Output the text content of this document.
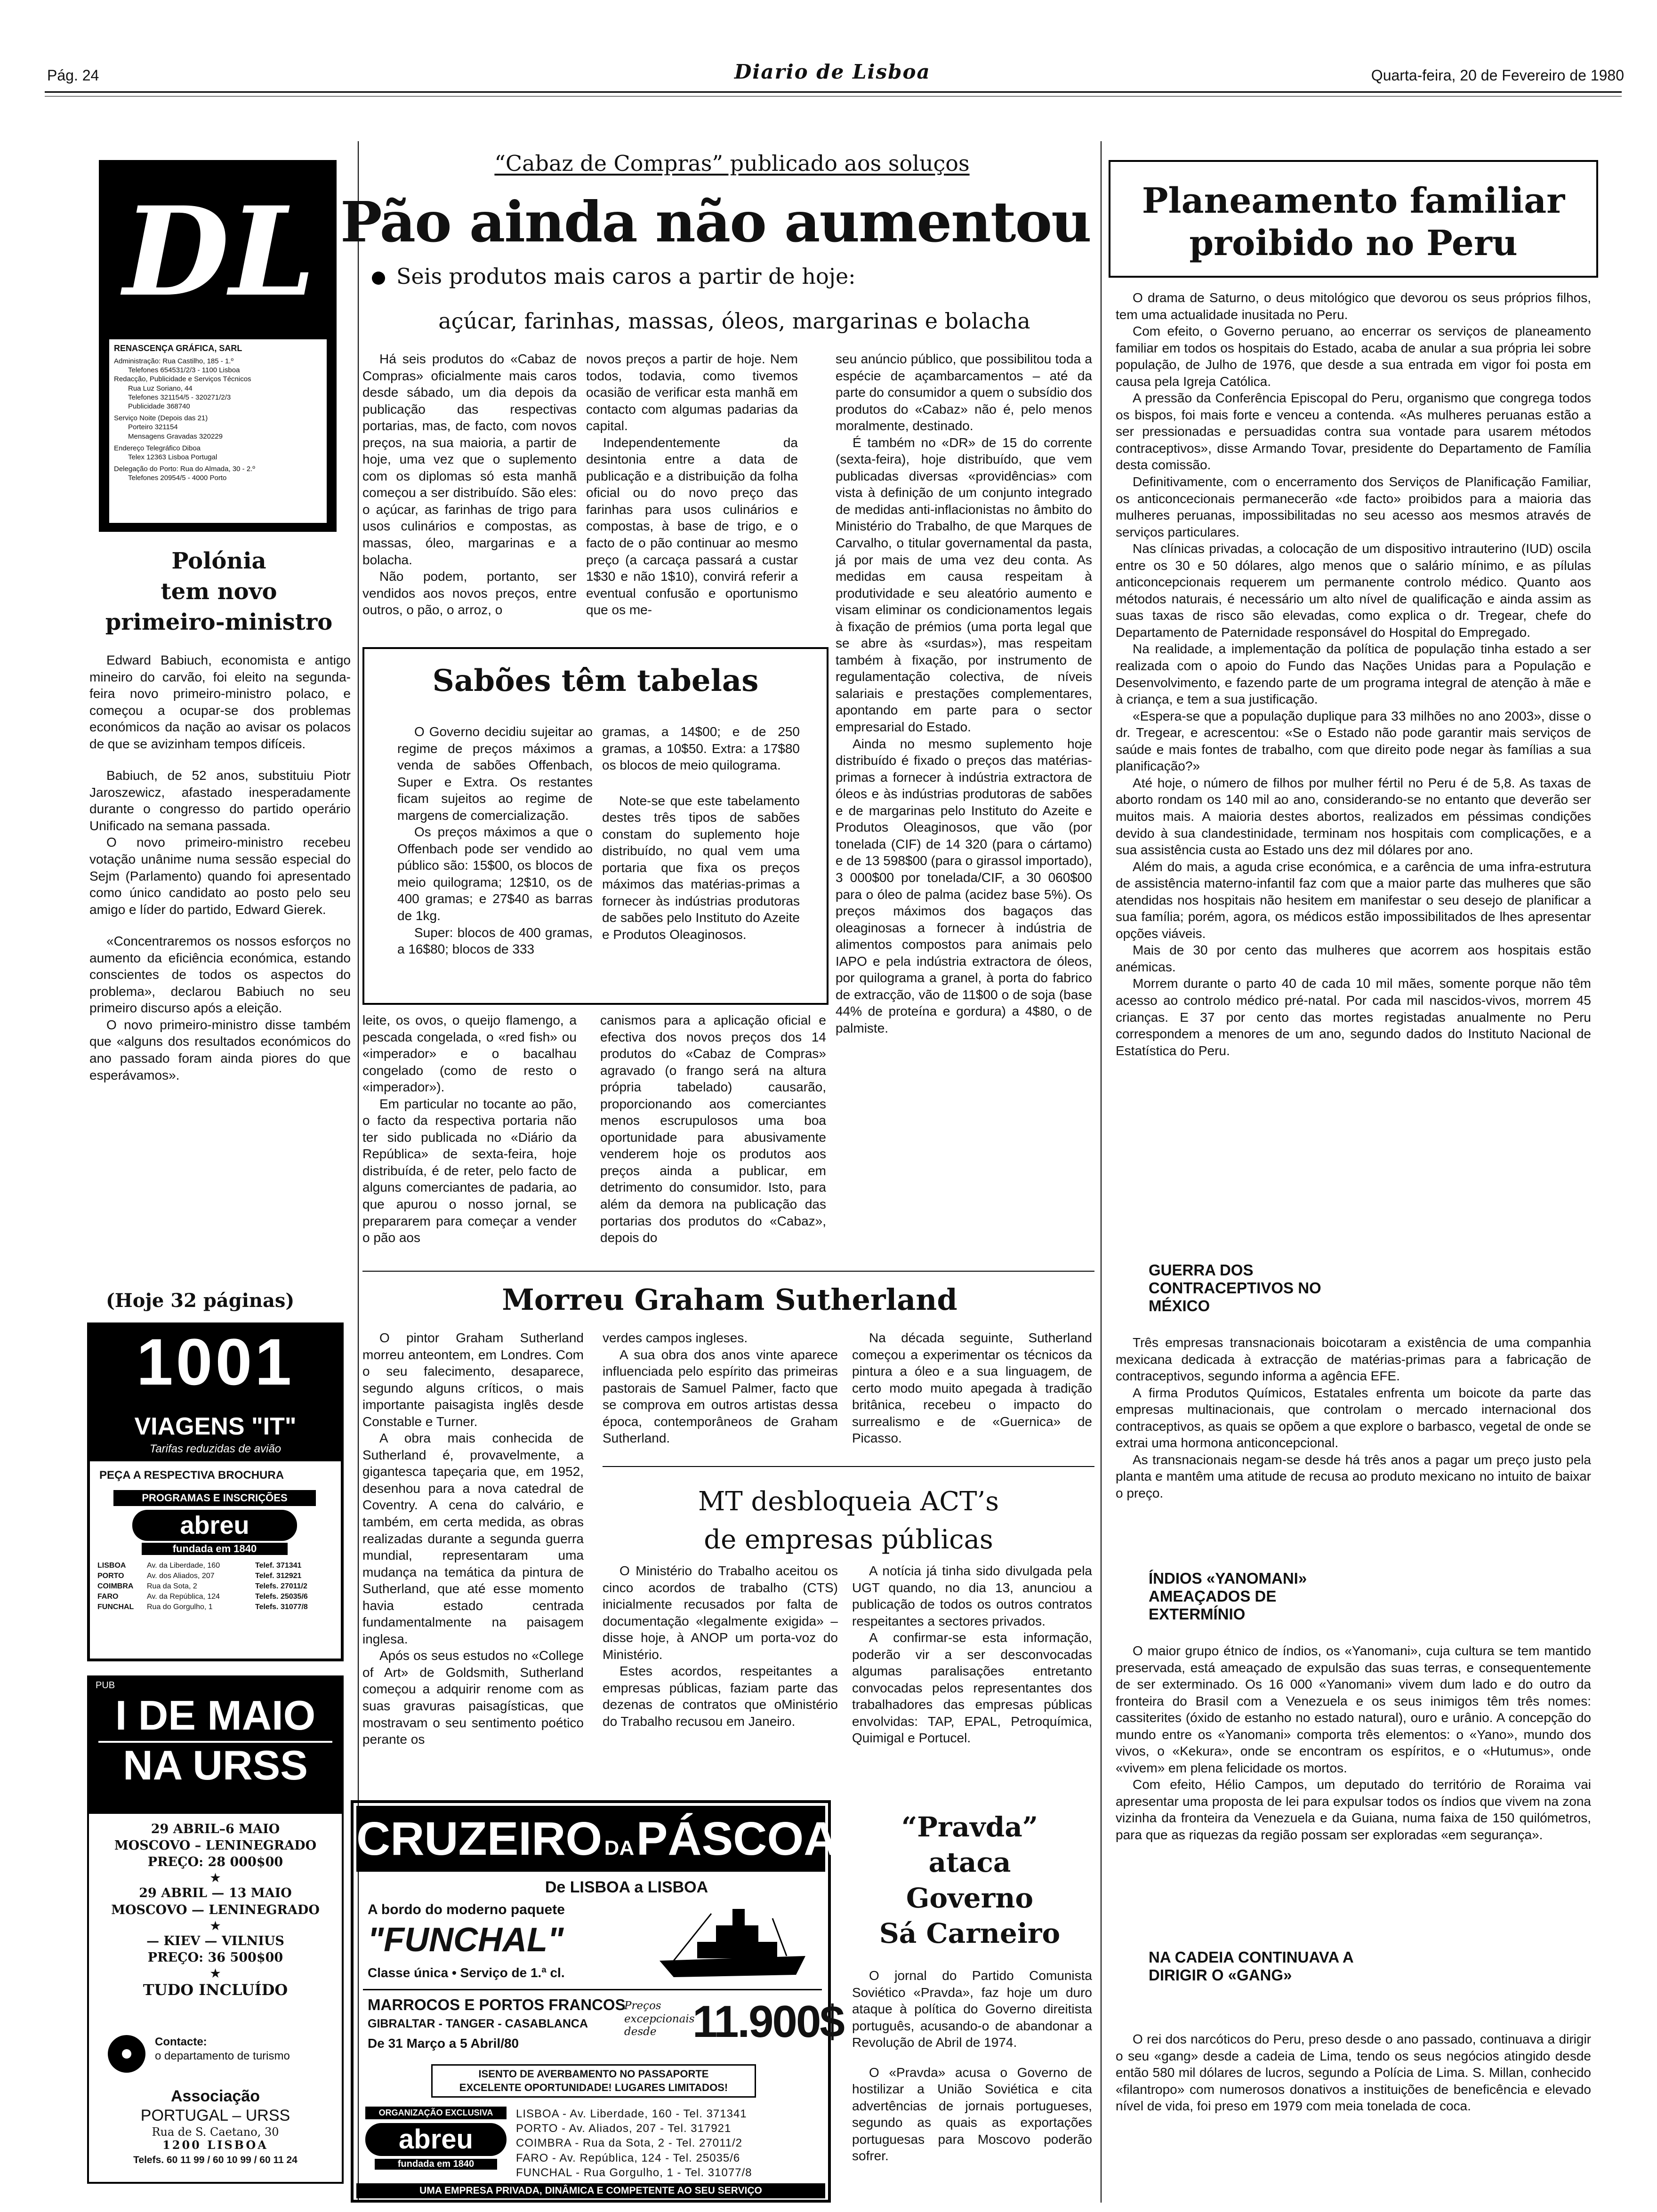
Pág. 24	Diario de Lisboa	Quarta-feira, 20 de Fevereiro de 1980
DL
RENASCENÇA GRÁFICA, SARL
Administração: Rua Castilho, 185 - 1.º
Telefones 654531/2/3 - 1100 Lisboa
Redacção, Publicidade e Serviços Técnicos
Rua Luz Soriano, 44
Telefones 321154/5 - 320271/2/3
Publicidade 368740
Serviço Noite (Depois das 21)
Porteiro 321154
Mensagens Gravadas 320229
Endereço Telegráfico Diboa
Telex 12363 Lisboa Portugal
Delegação do Porto: Rua do Almada, 30 - 2.º
Telefones 20954/5 - 4000 Porto
Polónia
tem novo
primeiro-ministro

Edward Babiuch, economista e antigo mineiro do carvão, foi eleito na segunda-feira novo primeiro-ministro polaco, e começou a ocupar-se dos problemas económicos da nação ao avisar os polacos de que se avizinham tempos difíceis.

Babiuch, de 52 anos, substituiu Piotr Jaroszewicz, afastado inesperadamente durante o congresso do partido operário Unificado na semana passada.

O novo primeiro-ministro recebeu votação unânime numa sessão especial do Sejm (Parlamento) quando foi apresentado como único candidato ao posto pelo seu amigo e líder do partido, Edward Gierek.

«Concentraremos os nossos esforços no aumento da eficiência económica, estando conscientes de todos os aspectos do problema», declarou Babiuch no seu primeiro discurso após a eleição.

O novo primeiro-ministro disse também que «alguns dos resultados económicos do ano passado foram ainda piores do que esperávamos».

(Hoje 32 páginas)
1001
VIAGENS "IT"
Tarifas reduzidas de avião
PEÇA A RESPECTIVA BROCHURA
PROGRAMAS E INSCRIÇÕES
abreu
fundada em 1840
LISBOA	Av. da Liberdade, 160	Telef. 371341
PORTO	Av. dos Aliados, 207	Telef. 312921
COIMBRA	Rua da Sota, 2	Telefs. 27011/2
FARO	Av. da República, 124	Telefs. 25035/6
FUNCHAL	Rua do Gorgulho, 1	Telefs. 31077/8
PUB
I DE MAIO
NA URSS
29 ABRIL–6 MAIO
MOSCOVO – LENINEGRADO
PREÇO: 28 000$00
★
29 ABRIL — 13 MAIO
MOSCOVO — LENINEGRADO
★
— KIEV — VILNIUS
PREÇO: 36 500$00
★
TUDO INCLUÍDO
Contacte:
o departamento de turismo
Associação
PORTUGAL – URSS
Rua de S. Caetano, 30
1200 LISBOA
Telefs. 60 11 99 / 60 10 99 / 60 11 24
“Cabaz de Compras” publicado aos soluços
Pão ainda não aumentou
Seis produtos mais caros a partir de hoje:
açúcar, farinhas, massas, óleos, margarinas e bolacha

Há seis produtos do «Cabaz de Compras» oficialmente mais caros desde sábado, um dia depois da publicação das respectivas portarias, mas, de facto, com novos preços, na sua maioria, a partir de hoje, uma vez que o suplemento com os diplomas só esta manhã começou a ser distribuído. São eles: o açúcar, as farinhas de trigo para usos culinários e compostas, as massas, óleo, margarinas e a bolacha.

Não podem, portanto, ser vendidos aos novos preços, entre outros, o pão, o arroz, o

novos preços a partir de hoje. Nem todos, todavia, como tivemos ocasião de verificar esta manhã em contacto com algumas padarias da capital.

Independentemente da desintonia entre a data de publicação e a distribuição da folha oficial ou do novo preço das farinhas para usos culinários e compostas, à base de trigo, e o facto de o pão continuar ao mesmo preço (a carcaça passará a custar 1$30 e não 1$10), convirá referir a eventual confusão e oportunismo que os me-

seu anúncio público, que possibilitou toda a espécie de açambarcamentos – até da parte do consumidor a quem o subsídio dos produtos do «Cabaz» não é, pelo menos moralmente, destinado.

É também no «DR» de 15 do corrente (sexta-feira), hoje distribuído, que vem publicadas diversas «providências» com vista à definição de um conjunto integrado de medidas anti-inflacionistas no âmbito do Ministério do Trabalho, de que Marques de Carvalho, o titular governamental da pasta, já por mais de uma vez deu conta. As medidas em causa respeitam à produtividade e seu aleatório aumento e visam eliminar os condicionamentos legais à fixação de prémios (uma porta legal que se abre às «surdas»), mas respeitam também à fixação, por instrumento de regulamentação colectiva, de níveis salariais e prestações complementares, apontando em parte para o sector empresarial do Estado.

Ainda no mesmo suplemento hoje distribuído é fixado o preços das matérias-primas a fornecer à indústria extractora de óleos e às indústrias produtoras de sabões e de margarinas pelo Instituto do Azeite e Produtos Oleaginosos, que vão (por tonelada (CIF) de 14 320 (para o cártamo) e de 13 598$00 (para o girassol importado), 3 000$00 por tonelada/CIF, a 30 060$00 para o óleo de palma (acidez base 5%). Os preços máximos dos bagaços das oleaginosas a fornecer à indústria de alimentos compostos para animais pelo IAPO e pela indústria extractora de óleos, por quilograma a granel, à porta do fabrico de extracção, vão de 11$00 o de soja (base 44% de proteína e gordura) a 4$80, o de palmiste.

Sabões têm tabelas

O Governo decidiu sujeitar ao regime de preços máximos a venda de sabões Offenbach, Super e Extra. Os restantes ficam sujeitos ao regime de margens de comercialização.

Os preços máximos a que o Offenbach pode ser vendido ao público são: 15$00, os blocos de meio quilograma; 12$10, os de 400 gramas; e 27$40 as barras de 1kg.

Super: blocos de 400 gramas, a 16$80; blocos de 333

gramas, a 14$00; e de 250 gramas, a 10$50. Extra: a 17$80 os blocos de meio quilograma.

Note-se que este tabelamento destes três tipos de sabões constam do suplemento hoje distribuído, no qual vem uma portaria que fixa os preços máximos das matérias-primas a fornecer às indústrias produtoras de sabões pelo Instituto do Azeite e Produtos Oleaginosos.

leite, os ovos, o queijo flamengo, a pescada congelada, o «red fish» ou «imperador» e o bacalhau congelado (como de resto o «imperador»).

Em particular no tocante ao pão, o facto da respectiva portaria não ter sido publicada no «Diário da República» de sexta-feira, hoje distribuída, é de reter, pelo facto de alguns comerciantes de padaria, ao que apurou o nosso jornal, se prepararem para começar a vender o pão aos

canismos para a aplicação oficial e efectiva dos novos preços dos 14 produtos do «Cabaz de Compras» agravado (o frango será na altura própria tabelado) causarão, proporcionando aos comerciantes menos escrupulosos uma boa oportunidade para abusivamente venderem hoje os produtos aos preços ainda a publicar, em detrimento do consumidor. Isto, para além da demora na publicação das portarias dos produtos do «Cabaz», depois do

Morreu Graham Sutherland

O pintor Graham Sutherland morreu anteontem, em Londres. Com o seu falecimento, desaparece, segundo alguns críticos, o mais importante paisagista inglês desde Constable e Turner.

A obra mais conhecida de Sutherland é, provavelmente, a gigantesca tapeçaria que, em 1952, desenhou para a nova catedral de Coventry. A cena do calvário, e também, em certa medida, as obras realizadas durante a segunda guerra mundial, representaram uma mudança na temática da pintura de Sutherland, que até esse momento havia estado centrada fundamentalmente na paisagem inglesa.

Após os seus estudos no «College of Art» de Goldsmith, Sutherland começou a adquirir renome com as suas gravuras paisagísticas, que mostravam o seu sentimento poético perante os

verdes campos ingleses.

A sua obra dos anos vinte aparece influenciada pelo espírito das primeiras pastorais de Samuel Palmer, facto que se comprova em outros artistas dessa época, contemporâneos de Graham Sutherland.

Na década seguinte, Sutherland começou a experimentar os técnicos da pintura a óleo e a sua linguagem, de certo modo muito apegada à tradição britânica, recebeu o impacto do surrealismo e de «Guernica» de Picasso.

MT desbloqueia ACT’s
de empresas públicas

O Ministério do Trabalho aceitou os cinco acordos de trabalho (CTS) inicialmente recusados por falta de documentação «legalmente exigida» – disse hoje, à ANOP um porta-voz do Ministério.

Estes acordos, respeitantes a empresas públicas, faziam parte das dezenas de contratos que oMinistério do Trabalho recusou em Janeiro.

A notícia já tinha sido divulgada pela UGT quando, no dia 13, anunciou a publicação de todos os outros contratos respeitantes a sectores privados.

A confirmar-se esta informação, poderão vir a ser desconvocadas algumas paralisações entretanto convocadas pelos representantes dos trabalhadores das empresas públicas envolvidas: TAP, EPAL, Petroquímica, Quimigal e Portucel.

CRUZEIRO DA PÁSCOA
De LISBOA a LISBOA
A bordo do moderno paquete
"FUNCHAL"
Classe única • Serviço de 1.ª cl.
MARROCOS E PORTOS FRANCOS
GIBRALTAR - TANGER - CASABLANCA
De 31 Março a 5 Abril/80
Preços excepcionais desde 11.900$
ISENTO DE AVERBAMENTO NO PASSAPORTE
EXCELENTE OPORTUNIDADE! LUGARES LIMITADOS!
ORGANIZAÇÃO EXCLUSIVA
abreu
fundada em 1840
LISBOA - Av. Liberdade, 160 - Tel. 371341
PORTO - Av. Aliados, 207 - Tel. 317921
COIMBRA - Rua da Sota, 2 - Tel. 27011/2
FARO - Av. República, 124 - Tel. 25035/6
FUNCHAL - Rua Gorgulho, 1 - Tel. 31077/8
UMA EMPRESA PRIVADA, DINÂMICA E COMPETENTE AO SEU SERVIÇO
“Pravda”
ataca
Governo
Sá Carneiro

O jornal do Partido Comunista Soviético «Pravda», faz hoje um duro ataque à política do Governo direitista português, acusando-o de abandonar a Revolução de Abril de 1974.

O «Pravda» acusa o Governo de hostilizar a União Soviética e cita advertências de jornais portugueses, segundo as quais as exportações portuguesas para Moscovo poderão sofrer.

Planeamento familiar
proibido no Peru

O drama de Saturno, o deus mitológico que devorou os seus próprios filhos, tem uma actualidade inusitada no Peru.

Com efeito, o Governo peruano, ao encerrar os serviços de planeamento familiar em todos os hospitais do Estado, acaba de anular a sua própria lei sobre população, de Julho de 1976, que desde a sua entrada em vigor foi posta em causa pela Igreja Católica.

A pressão da Conferência Episcopal do Peru, organismo que congrega todos os bispos, foi mais forte e venceu a contenda. «As mulheres peruanas estão a ser pressionadas e persuadidas contra sua vontade para usarem métodos contraceptivos», disse Armando Tovar, presidente do Departamento de Família desta comissão.

Definitivamente, com o encerramento dos Serviços de Planificação Familiar, os anticoncecionais permanecerão «de facto» proibidos para a maioria das mulheres peruanas, impossibilitadas no seu acesso aos mesmos através de serviços particulares.

Nas clínicas privadas, a colocação de um dispositivo intrauterino (IUD) oscila entre os 30 e 50 dólares, algo menos que o salário mínimo, e as pílulas anticoncepcionais requerem um permanente controlo médico. Quanto aos métodos naturais, é necessário um alto nível de qualificação e ainda assim as suas taxas de risco são elevadas, como explica o dr. Tregear, chefe do Departamento de Paternidade responsável do Hospital do Empregado.

Na realidade, a implementação da política de população tinha estado a ser realizada com o apoio do Fundo das Nações Unidas para a População e Desenvolvimento, e fazendo parte de um programa integral de atenção à mãe e à criança, e tem a sua justificação.

«Espera-se que a população duplique para 33 milhões no ano 2003», disse o dr. Tregear, e acrescentou: «Se o Estado não pode garantir mais serviços de saúde e mais fontes de trabalho, com que direito pode negar às famílias a sua planificação?»

Até hoje, o número de filhos por mulher fértil no Peru é de 5,8. As taxas de aborto rondam os 140 mil ao ano, considerando-se no entanto que deverão ser muitos mais. A maioria destes abortos, realizados em péssimas condições devido à sua clandestinidade, terminam nos hospitais com complicações, e a sua assistência custa ao Estado uns dez mil dólares por ano.

Além do mais, a aguda crise económica, e a carência de uma infra-estrutura de assistência materno-infantil faz com que a maior parte das mulheres que são atendidas nos hospitais não hesitem em manifestar o seu desejo de planificar a sua família; porém, agora, os médicos estão impossibilitados de lhes apresentar opções viáveis.

Mais de 30 por cento das mulheres que acorrem aos hospitais estão anémicas.

Morrem durante o parto 40 de cada 10 mil mães, somente porque não têm acesso ao controlo médico pré-natal. Por cada mil nascidos-vivos, morrem 45 crianças. E 37 por cento das mortes registadas anualmente no Peru correspondem a menores de um ano, segundo dados do Instituto Nacional de Estatística do Peru.

GUERRA DOS CONTRACEPTIVOS NO MÉXICO

Três empresas transnacionais boicotaram a existência de uma companhia mexicana dedicada à extracção de matérias-primas para a fabricação de contraceptivos, segundo informa a agência EFE.

A firma Produtos Químicos, Estatales enfrenta um boicote da parte das empresas multinacionais, que controlam o mercado internacional dos contraceptivos, as quais se opõem a que explore o barbasco, vegetal de onde se extrai uma hormona anticoncepcional.

As transnacionais negam-se desde há três anos a pagar um preço justo pela planta e mantêm uma atitude de recusa ao produto mexicano no intuito de baixar o preço.

ÍNDIOS «YANOMANI» AMEAÇADOS DE EXTERMÍNIO

O maior grupo étnico de índios, os «Yanomani», cuja cultura se tem mantido preservada, está ameaçado de expulsão das suas terras, e consequentemente de ser exterminado. Os 16 000 «Yanomani» vivem dum lado e do outro da fronteira do Brasil com a Venezuela e os seus inimigos têm três nomes: cassiterites (óxido de estanho no estado natural), ouro e urânio. A concepção do mundo entre os «Yanomani» comporta três elementos: o «Yano», mundo dos vivos, o «Kekura», onde se encontram os espíritos, e o «Hutumus», onde «vivem» em plena felicidade os mortos.

Com efeito, Hélio Campos, um deputado do território de Roraima vai apresentar uma proposta de lei para expulsar todos os índios que vivem na zona vizinha da fronteira da Venezuela e da Guiana, numa faixa de 150 quilómetros, para que as riquezas da região possam ser exploradas «em segurança».

NA CADEIA CONTINUAVA A DIRIGIR O «GANG»

O rei dos narcóticos do Peru, preso desde o ano passado, continuava a dirigir o seu «gang» desde a cadeia de Lima, tendo os seus negócios atingido desde então 580 mil dólares de lucros, segundo a Polícia de Lima. S. Millan, conhecido «filantropo» com numerosos donativos a instituições de beneficência e elevado nível de vida, foi preso em 1979 com meia tonelada de coca.
